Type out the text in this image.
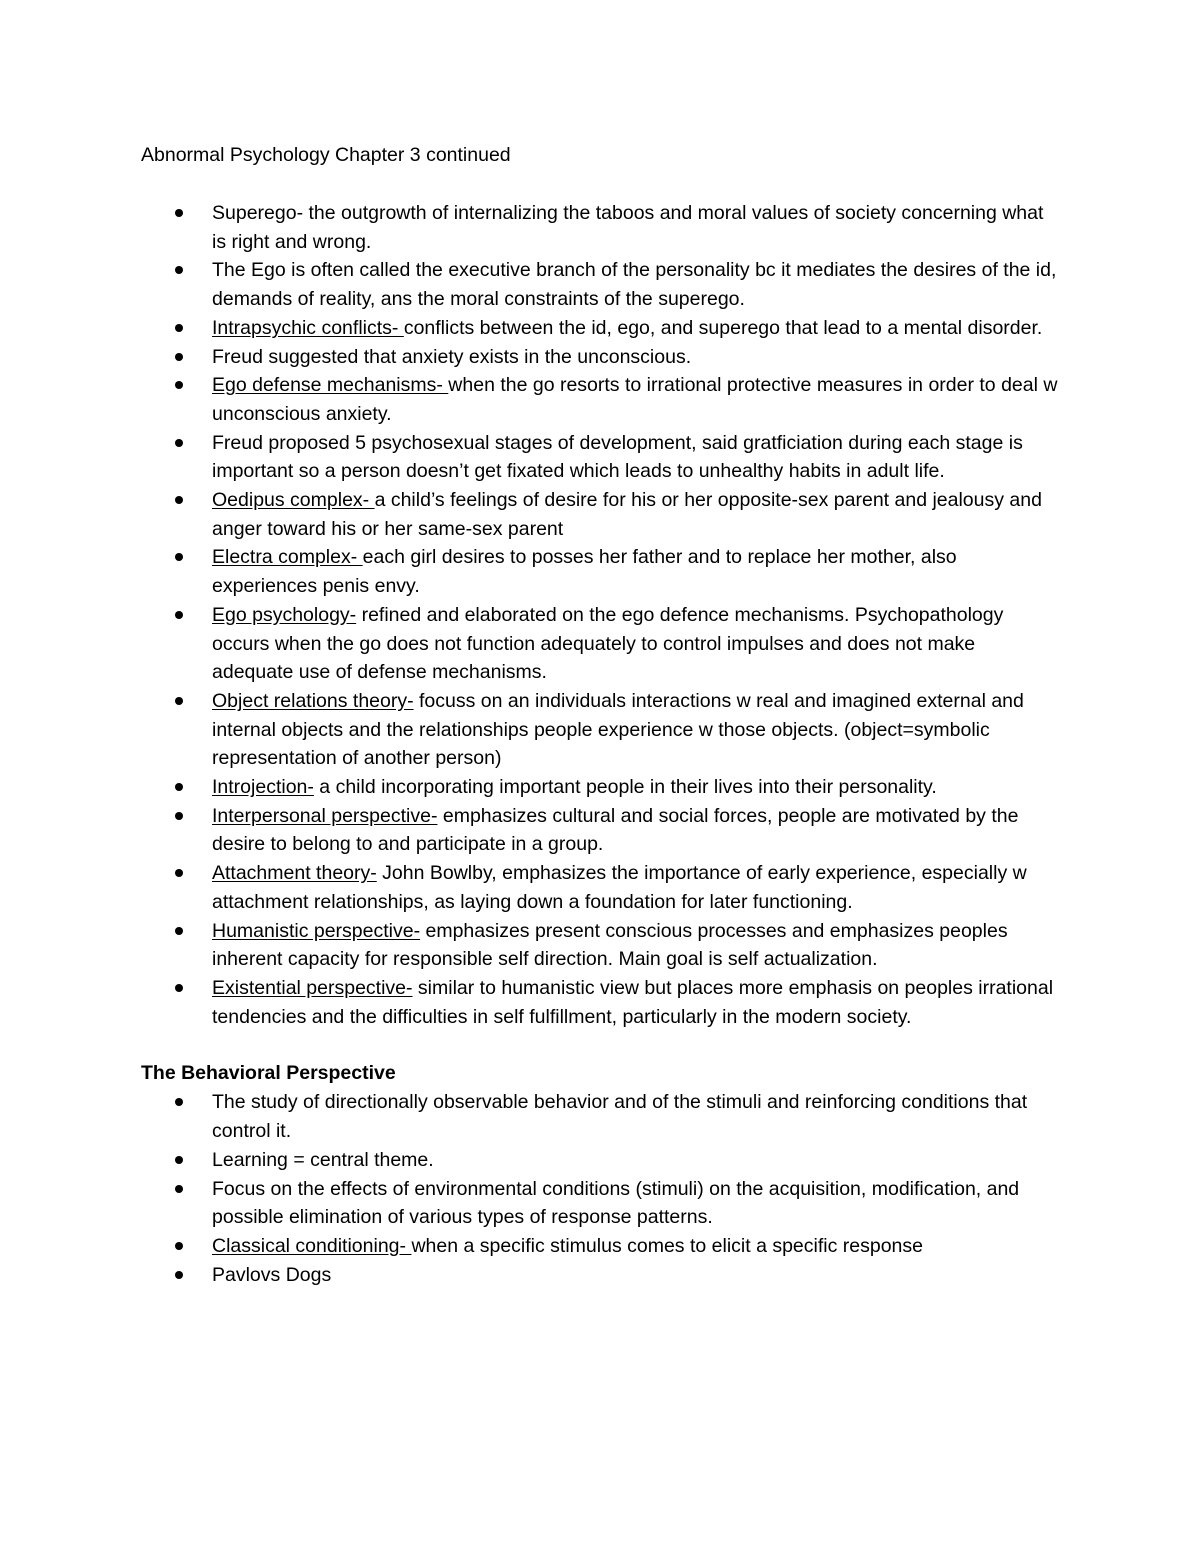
Abnormal Psychology Chapter 3 continued

Superego- the outgrowth of internalizing the taboos and moral values of society concerning what is right and wrong.
The Ego is often called the executive branch of the personality bc it mediates the desires of the id, demands of reality, ans the moral constraints of the superego.
Intrapsychic conflicts- conflicts between the id, ego, and superego that lead to a mental disorder.
Freud suggested that anxiety exists in the unconscious.
Ego defense mechanisms- when the go resorts to irrational protective measures in order to deal w unconscious anxiety.
Freud proposed 5 psychosexual stages of development, said gratficiation during each stage is important so a person doesn’t get fixated which leads to unhealthy habits in adult life.
Oedipus complex- a child’s feelings of desire for his or her opposite-sex parent and jealousy and anger toward his or her same-sex parent
Electra complex- each girl desires to posses her father and to replace her mother, also experiences penis envy.
Ego psychology- refined and elaborated on the ego defence mechanisms. Psychopathology occurs when the go does not function adequately to control impulses and does not make adequate use of defense mechanisms.
Object relations theory- focuss on an individuals interactions w real and imagined external and internal objects and the relationships people experience w those objects. (object=symbolic representation of another person)
Introjection- a child incorporating important people in their lives into their personality.
Interpersonal perspective- emphasizes cultural and social forces, people are motivated by the desire to belong to and participate in a group.
Attachment theory- John Bowlby, emphasizes the importance of early experience, especially w attachment relationships, as laying down a foundation for later functioning.
Humanistic perspective- emphasizes present conscious processes and emphasizes peoples inherent capacity for responsible self direction. Main goal is self actualization.
Existential perspective- similar to humanistic view but places more emphasis on peoples irrational tendencies and the difficulties in self fulfillment, particularly in the modern society.

The Behavioral Perspective

The study of directionally observable behavior and of the stimuli and reinforcing conditions that control it.
Learning = central theme.
Focus on the effects of environmental conditions (stimuli) on the acquisition, modification, and possible elimination of various types of response patterns.
Classical conditioning- when a specific stimulus comes to elicit a specific response
Pavlovs Dogs
